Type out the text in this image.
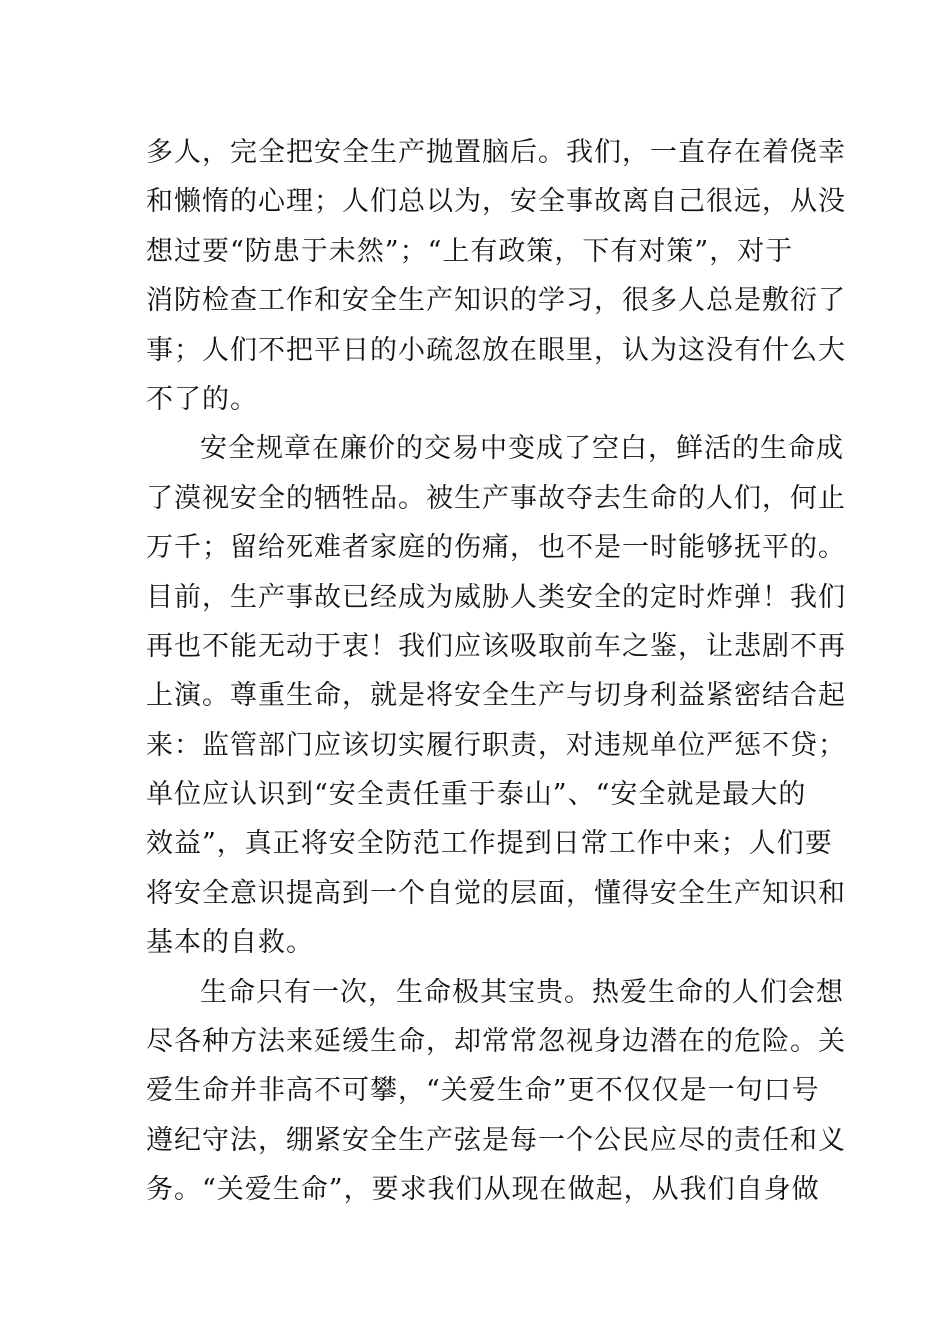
多人，完全把安全生产抛置脑后。我们，一直存在着侥幸
和懒惰的心理；人们总以为，安全事故离自己很远，从没
想过要“防患于未然”；“上有政策，下有对策”，对于
消防检查工作和安全生产知识的学习，很多人总是敷衍了
事；人们不把平日的小疏忽放在眼里，认为这没有什么大
不了的。
安全规章在廉价的交易中变成了空白，鲜活的生命成
了漠视安全的牺牲品。被生产事故夺去生命的人们，何止
万千；留给死难者家庭的伤痛，也不是一时能够抚平的。
目前，生产事故已经成为威胁人类安全的定时炸弹！我们
再也不能无动于衷！我们应该吸取前车之鉴，让悲剧不再
上演。尊重生命，就是将安全生产与切身利益紧密结合起
来：监管部门应该切实履行职责，对违规单位严惩不贷；
单位应认识到“安全责任重于泰山”、“安全就是最大的
效益”，真正将安全防范工作提到日常工作中来；人们要
将安全意识提高到一个自觉的层面，懂得安全生产知识和
基本的自救。
生命只有一次，生命极其宝贵。热爱生命的人们会想
尽各种方法来延缓生命，却常常忽视身边潜在的危险。关
爱生命并非高不可攀，“关爱生命”更不仅仅是一句口号
遵纪守法，绷紧安全生产弦是每一个公民应尽的责任和义
务。“关爱生命”，要求我们从现在做起，从我们自身做
